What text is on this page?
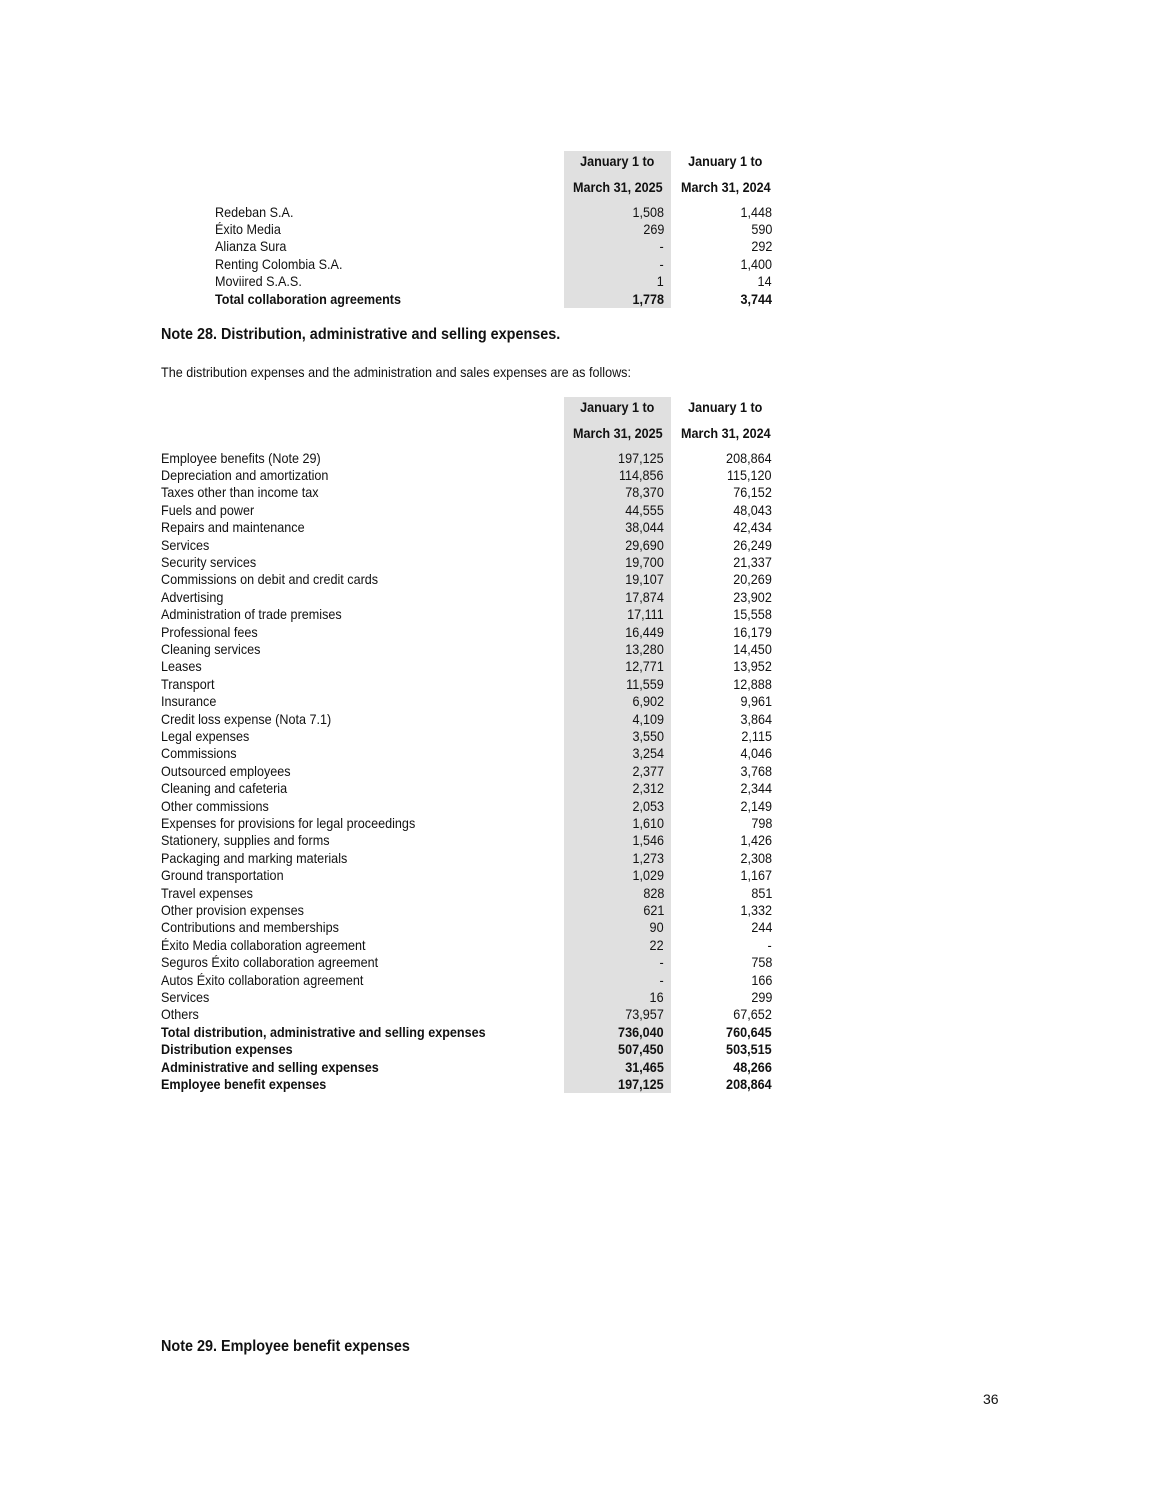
January 1 to
March 31, 2025
January 1 to
March 31, 2024
Redeban S.A.	1,508	1,448
Éxito Media	269	590
Alianza Sura	-	292
Renting Colombia S.A.	-	1,400
Moviired S.A.S.	1	14
Total collaboration agreements	1,778	3,744
Note 28. Distribution, administrative and selling expenses.
The distribution expenses and the administration and sales expenses are as follows:
January 1 to
March 31, 2025
January 1 to
March 31, 2024
Employee benefits (Note 29)	197,125	208,864
Depreciation and amortization	114,856	115,120
Taxes other than income tax	78,370	76,152
Fuels and power	44,555	48,043
Repairs and maintenance	38,044	42,434
Services	29,690	26,249
Security services	19,700	21,337
Commissions on debit and credit cards	19,107	20,269
Advertising	17,874	23,902
Administration of trade premises	17,111	15,558
Professional fees	16,449	16,179
Cleaning services	13,280	14,450
Leases	12,771	13,952
Transport	11,559	12,888
Insurance	6,902	9,961
Credit loss expense (Nota 7.1)	4,109	3,864
Legal expenses	3,550	2,115
Commissions	3,254	4,046
Outsourced employees	2,377	3,768
Cleaning and cafeteria	2,312	2,344
Other commissions	2,053	2,149
Expenses for provisions for legal proceedings	1,610	798
Stationery, supplies and forms	1,546	1,426
Packaging and marking materials	1,273	2,308
Ground transportation	1,029	1,167
Travel expenses	828	851
Other provision expenses	621	1,332
Contributions and memberships	90	244
Éxito Media collaboration agreement	22	-
Seguros Éxito collaboration agreement	-	758
Autos Éxito collaboration agreement	-	166
Services	16	299
Others	73,957	67,652
Total distribution, administrative and selling expenses	736,040	760,645
Distribution expenses	507,450	503,515
Administrative and selling expenses	31,465	48,266
Employee benefit expenses	197,125	208,864
Note 29. Employee benefit expenses
36
